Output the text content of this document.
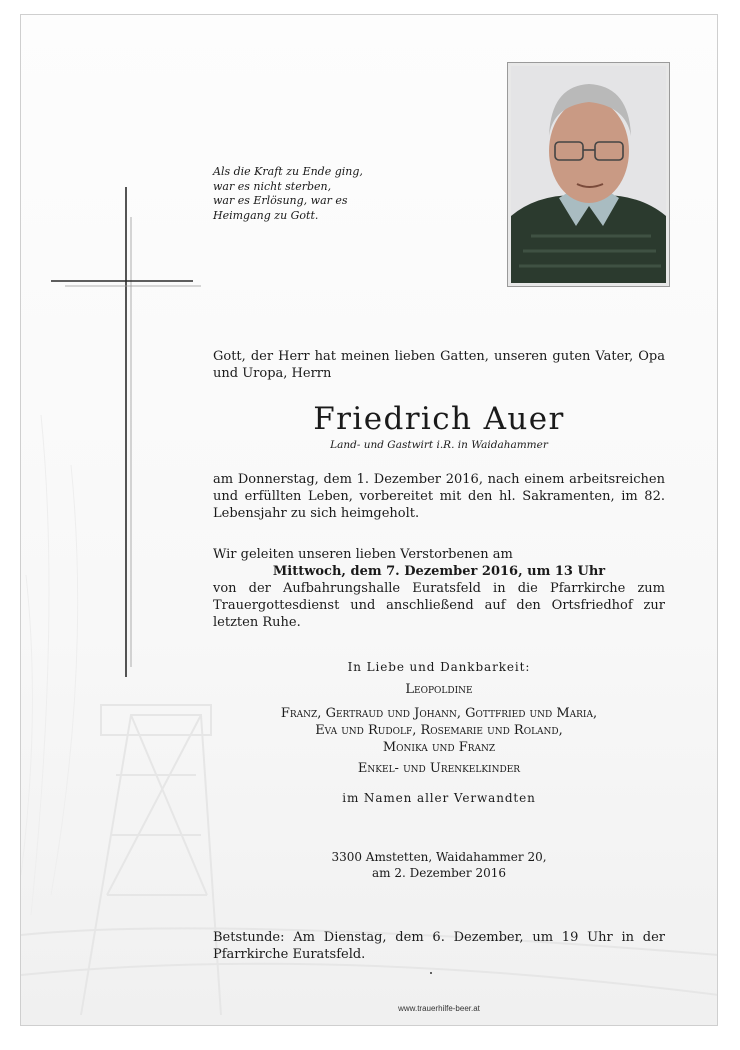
Als die Kraft zu Ende ging,
war es nicht sterben,
war es Erlösung, war es
Heimgang zu Gott.
Gott, der Herr hat meinen lieben Gatten, unseren guten Vater, Opa und Uropa, Herrn
Friedrich Auer
Land- und Gastwirt i.R. in Waidahammer
am Donnerstag, dem 1. Dezember 2016, nach einem arbeitsreichen und erfüllten Leben, vorbereitet mit den hl. Sakramenten, im 82. Lebensjahr zu sich heimgeholt.
Wir geleiten unseren lieben Verstorbenen am
Mittwoch, dem 7. Dezember 2016, um 13 Uhr
von der Aufbahrungshalle Euratsfeld in die Pfarrkirche zum Trauergottesdienst und anschließend auf den Ortsfriedhof zur letzten Ruhe.
In Liebe und Dankbarkeit:
Leopoldine
Franz, Gertraud und Johann, Gottfried und Maria,
Eva und Rudolf, Rosemarie und Roland,
Monika und Franz
Enkel- und Urenkelkinder
im Namen aller Verwandten
3300 Amstetten, Waidahammer 20,
am 2. Dezember 2016
Betstunde: Am Dienstag, dem 6. Dezember, um 19 Uhr in der Pfarrkirche Euratsfeld.
www.trauerhilfe-beer.at
